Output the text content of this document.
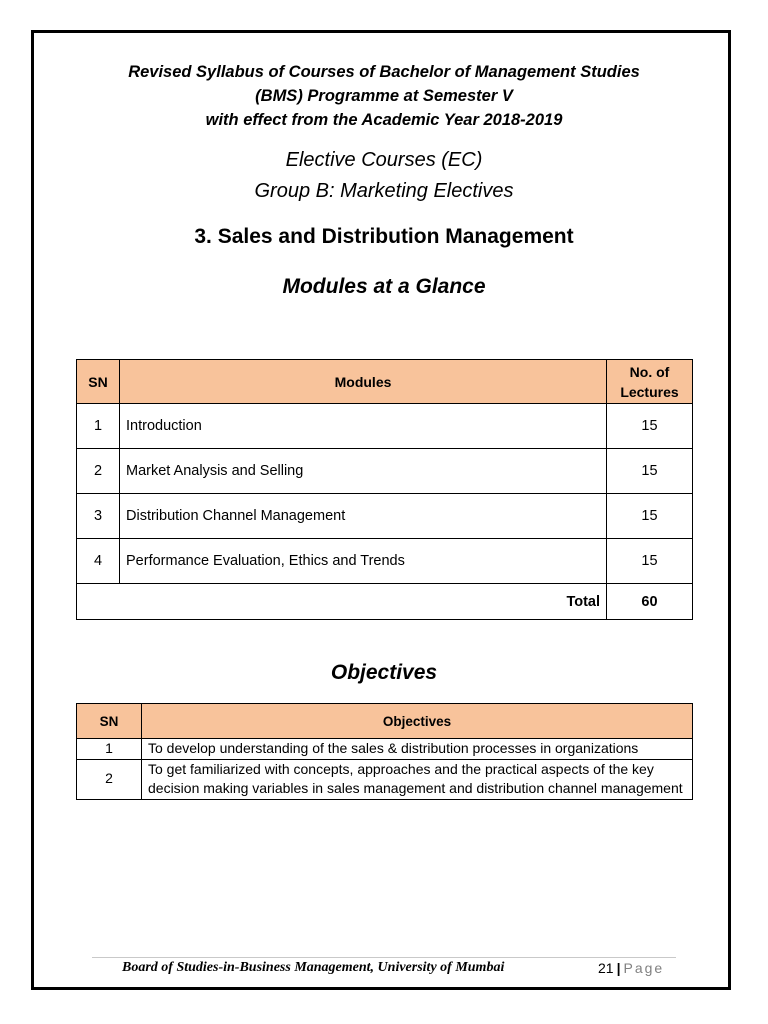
Revised Syllabus of Courses of Bachelor of Management Studies
(BMS) Programme at Semester V
with effect from the Academic Year 2018-2019
Elective Courses (EC)
Group B: Marketing Electives
3. Sales and Distribution Management
Modules at a Glance
SN	Modules	No. of
Lectures

1	Introduction	15
2	Market Analysis and Selling	15
3	Distribution Channel Management	15
4	Performance Evaluation, Ethics and Trends	15
Total		60
Objectives
SN	Objectives
1	To develop understanding of the sales & distribution processes in organizations
2	To get familiarized with concepts, approaches and the practical aspects of the key decision making variables in sales management and distribution channel management
Board of Studies-in-Business Management, University of Mumbai	21 | Page
